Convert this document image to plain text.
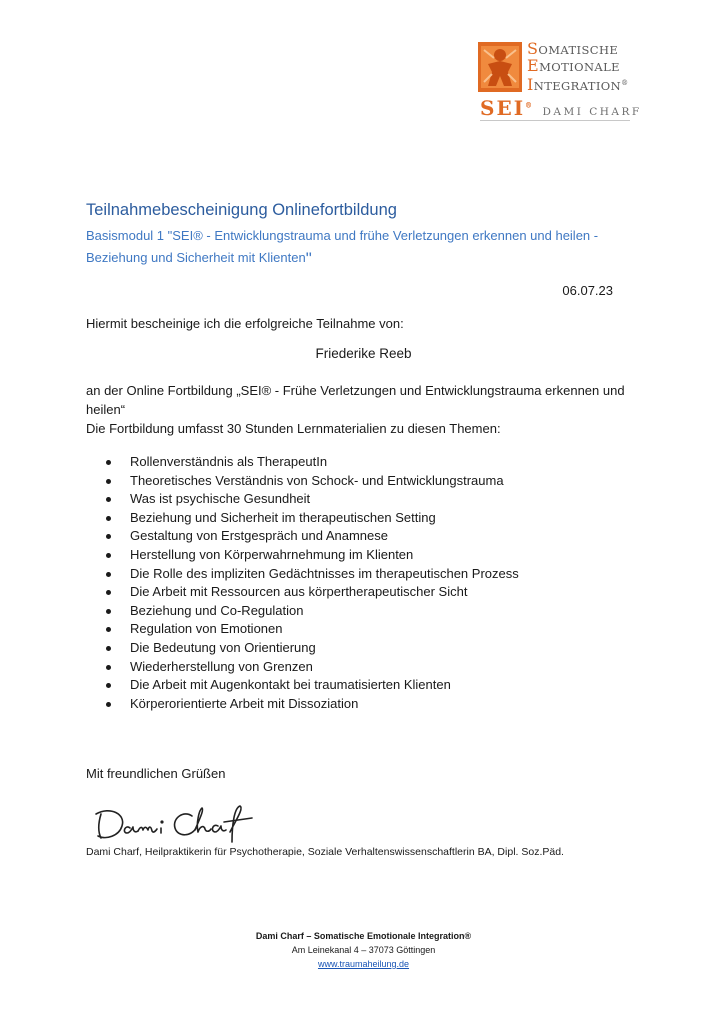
SOMATISCHE
EMOTIONALE
INTEGRATION®
SEI® DAMI CHARF
Teilnahmebescheinigung Onlinefortbildung
Basismodul 1 "SEI® - Entwicklungstrauma und frühe Verletzungen erkennen und heilen - Beziehung und Sicherheit mit Klienten"
06.07.23
Hiermit bescheinige ich die erfolgreiche Teilnahme von:
Friederike Reeb
an der Online Fortbildung „SEI® - Frühe Verletzungen und Entwicklungstrauma erkennen und heilen“
Die Fortbildung umfasst 30 Stunden Lernmaterialien zu diesen Themen:
Rollenverständnis als TherapeutIn
Theoretisches Verständnis von Schock- und Entwicklungstrauma
Was ist psychische Gesundheit
Beziehung und Sicherheit im therapeutischen Setting
Gestaltung von Erstgespräch und Anamnese
Herstellung von Körperwahrnehmung im Klienten
Die Rolle des impliziten Gedächtnisses im therapeutischen Prozess
Die Arbeit mit Ressourcen aus körpertherapeutischer Sicht
Beziehung und Co-Regulation
Regulation von Emotionen
Die Bedeutung von Orientierung
Wiederherstellung von Grenzen
Die Arbeit mit Augenkontakt bei traumatisierten Klienten
Körperorientierte Arbeit mit Dissoziation
Mit freundlichen Grüßen
Dami Charf, Heilpraktikerin für Psychotherapie, Soziale Verhaltenswissenschaftlerin BA, Dipl. Soz.Päd.
Dami Charf – Somatische Emotionale Integration®
Am Leinekanal 4 – 37073 Göttingen
www.traumaheilung.de
